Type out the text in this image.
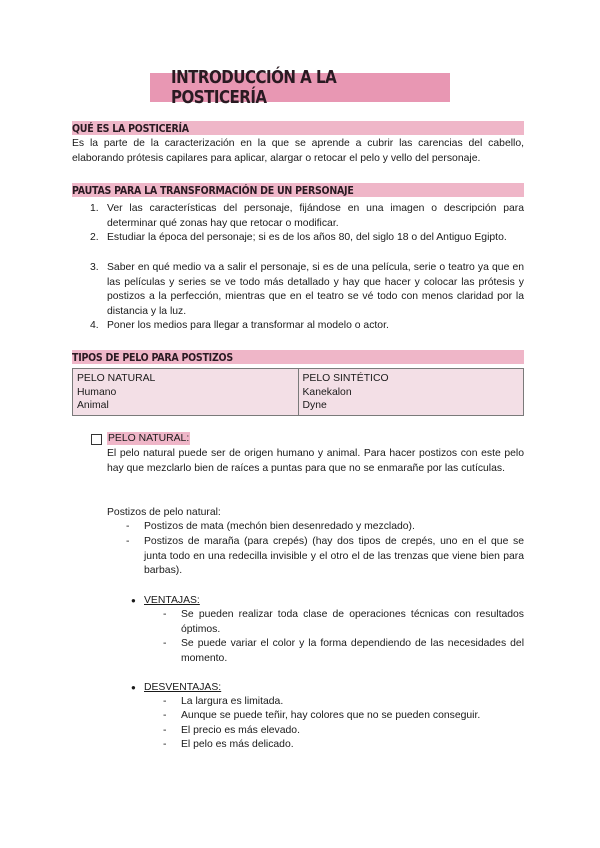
INTRODUCCIÓN A LA POSTICERÍA
QUÉ ES LA POSTICERÍA
Es la parte de la caracterización en la que se aprende a cubrir las carencias del cabello, elaborando prótesis capilares para aplicar, alargar o retocar el pelo y vello del personaje.
PAUTAS PARA LA TRANSFORMACIÓN DE UN PERSONAJE
1. Ver las características del personaje, fijándose en una imagen o descripción para determinar qué zonas hay que retocar o modificar.
2. Estudiar la época del personaje; si es de los años 80, del siglo 18 o del Antiguo Egipto.
3. Saber en qué medio va a salir el personaje, si es de una película, serie o teatro ya que en las películas y series se ve todo más detallado y hay que hacer y colocar las prótesis y postizos a la perfección, mientras que en el teatro se vé todo con menos claridad por la distancia y la luz.
4. Poner los medios para llegar a transformar al modelo o actor.
TIPOS DE PELO PARA POSTIZOS
PELO NATURAL
Humano
Animal
PELO SINTÉTICO
Kanekalon
Dyne
PELO NATURAL:
El pelo natural puede ser de origen humano y animal. Para hacer postizos con este pelo hay que mezclarlo bien de raíces a puntas para que no se enmarañe por las cutículas.
Postizos de pelo natural:
- Postizos de mata (mechón bien desenredado y mezclado).
- Postizos de maraña (para crepés) (hay dos tipos de crepés, uno en el que se junta todo en una redecilla invisible y el otro el de las trenzas que viene bien para barbas).
● VENTAJAS:
- Se pueden realizar toda clase de operaciones técnicas con resultados óptimos.
- Se puede variar el color y la forma dependiendo de las necesidades del momento.
● DESVENTAJAS:
- La largura es limitada.
- Aunque se puede teñir, hay colores que no se pueden conseguir.
- El precio es más elevado.
- El pelo es más delicado.
